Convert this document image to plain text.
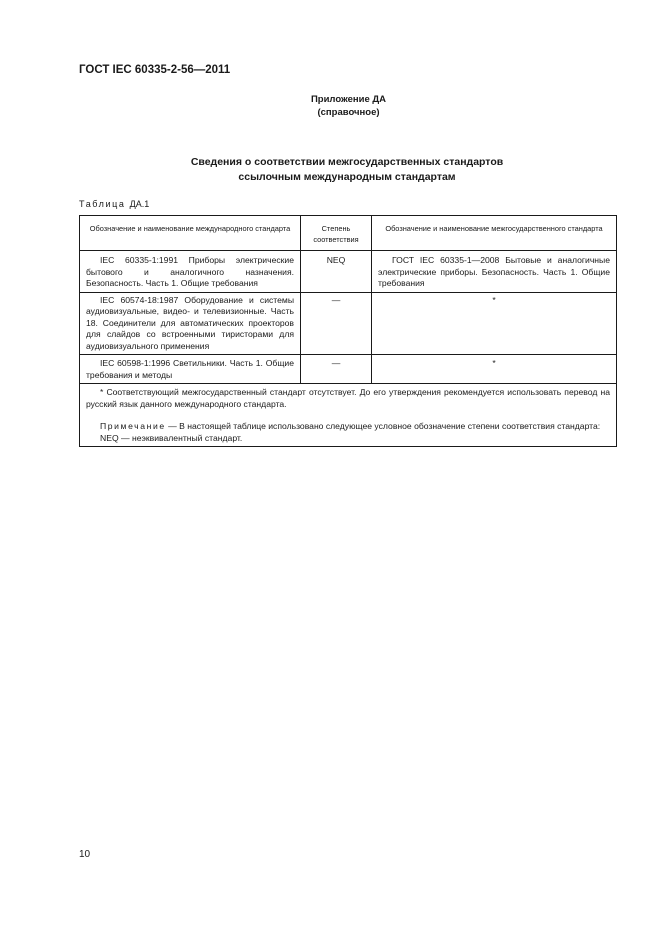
ГОСТ IEC 60335-2-56—2011
Приложение ДА
(справочное)
Сведения о соответствии межгосударственных стандартов
ссылочным международным стандартам
Таблица ДА.1
Обозначение и наименование международного стандарта	Степень соответствия	Обозначение и наименование межгосударственного стандарта
IEC 60335-1:1991 Приборы электрические бытового и аналогичного назначения. Безопасность. Часть 1. Общие требования	NEQ	ГОСТ IEC 60335-1—2008 Бытовые и аналогичные электрические приборы. Безопасность. Часть 1. Общие требования
IEC 60574-18:1987 Оборудование и системы аудиовизуальные, видео- и телевизионные. Часть 18. Соединители для автоматических проекторов для слайдов со встроенными тиристорами для аудиовизуального применения	—	*
IEC 60598-1:1996 Светильники. Часть 1. Общие требования и методы	—	*

* Соответствующий межгосударственный стандарт отсутствует. До его утверждения рекомендуется использовать перевод на русский язык данного международного стандарта.
Примечание — В настоящей таблице использовано следующее условное обозначение степени соответствия стандарта:
NEQ — неэквивалентный стандарт.		
10
